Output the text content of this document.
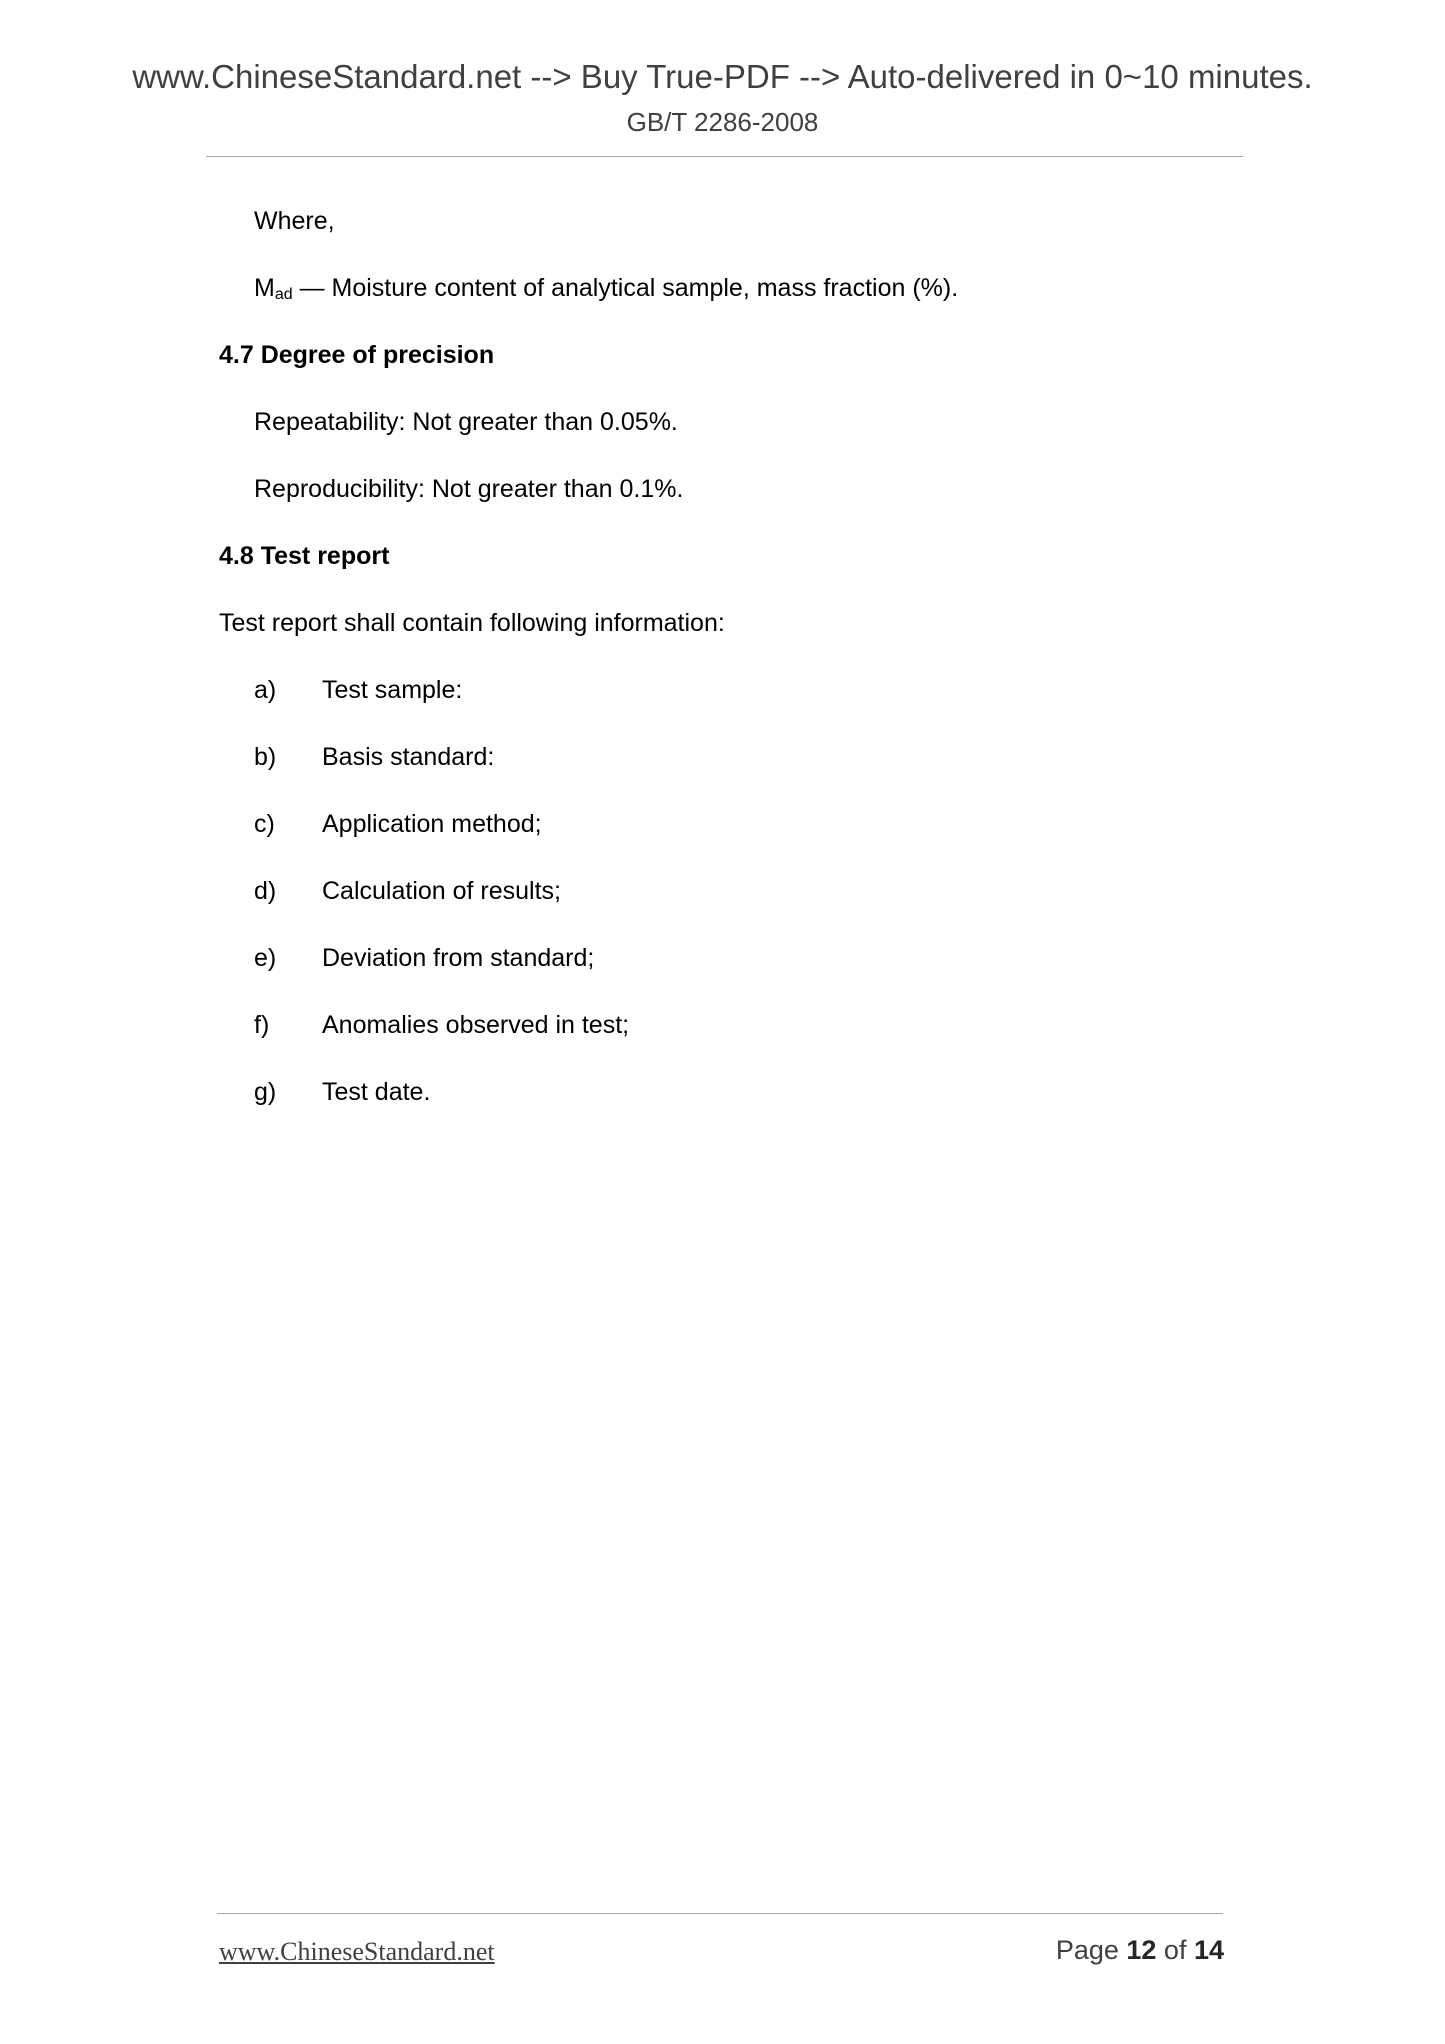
www.ChineseStandard.net --> Buy True-PDF --> Auto-delivered in 0~10 minutes.
GB/T 2286-2008
Where,
Mad — Moisture content of analytical sample, mass fraction (%).
4.7 Degree of precision
Repeatability: Not greater than 0.05%.
Reproducibility: Not greater than 0.1%.
4.8 Test report
Test report shall contain following information:
a) Test sample:
b) Basis standard:
c) Application method;
d) Calculation of results;
e) Deviation from standard;
f) Anomalies observed in test;
g) Test date.
www.ChineseStandard.net	Page 12 of 14
